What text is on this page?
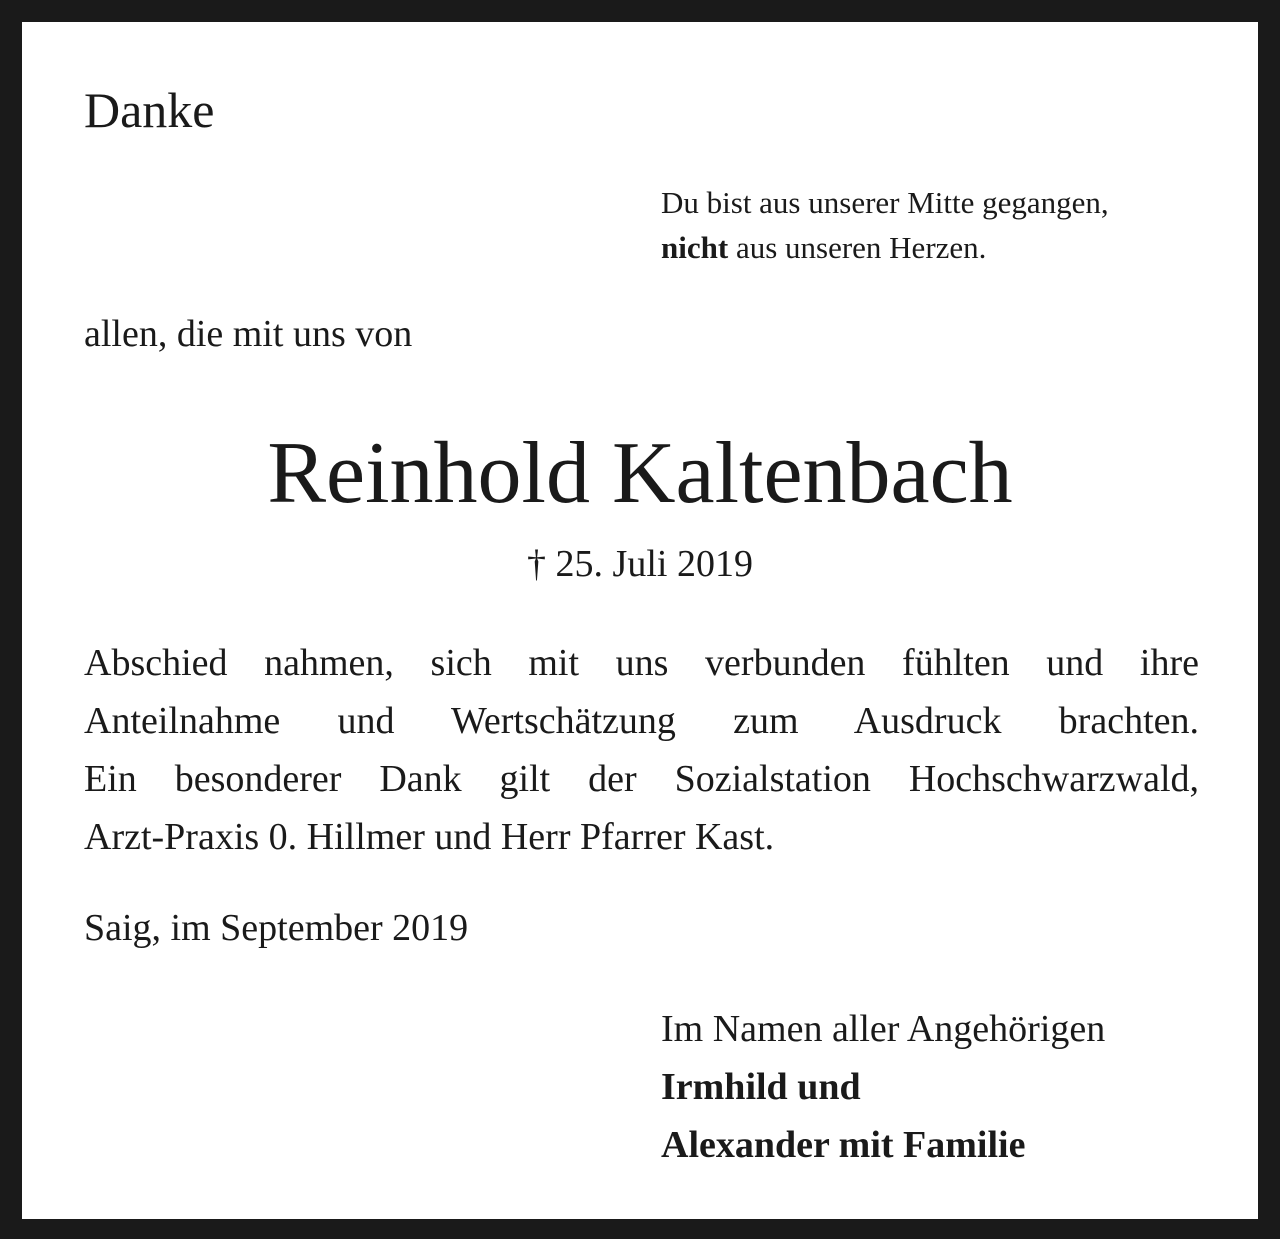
Danke

Du bist aus unserer Mitte gegangen,
nicht aus unseren Herzen.

allen, die mit uns von

Reinhold Kaltenbach

† 25. Juli 2019

Abschied nahmen, sich mit uns verbunden fühlten und ihre
Anteilnahme und Wertschätzung zum Ausdruck brachten.
Ein besonderer Dank gilt der Sozialstation Hochschwarzwald,
Arzt-Praxis 0. Hillmer und Herr Pfarrer Kast.

Saig, im September 2019

Im Namen aller Angehörigen
Irmhild und
Alexander mit Familie
